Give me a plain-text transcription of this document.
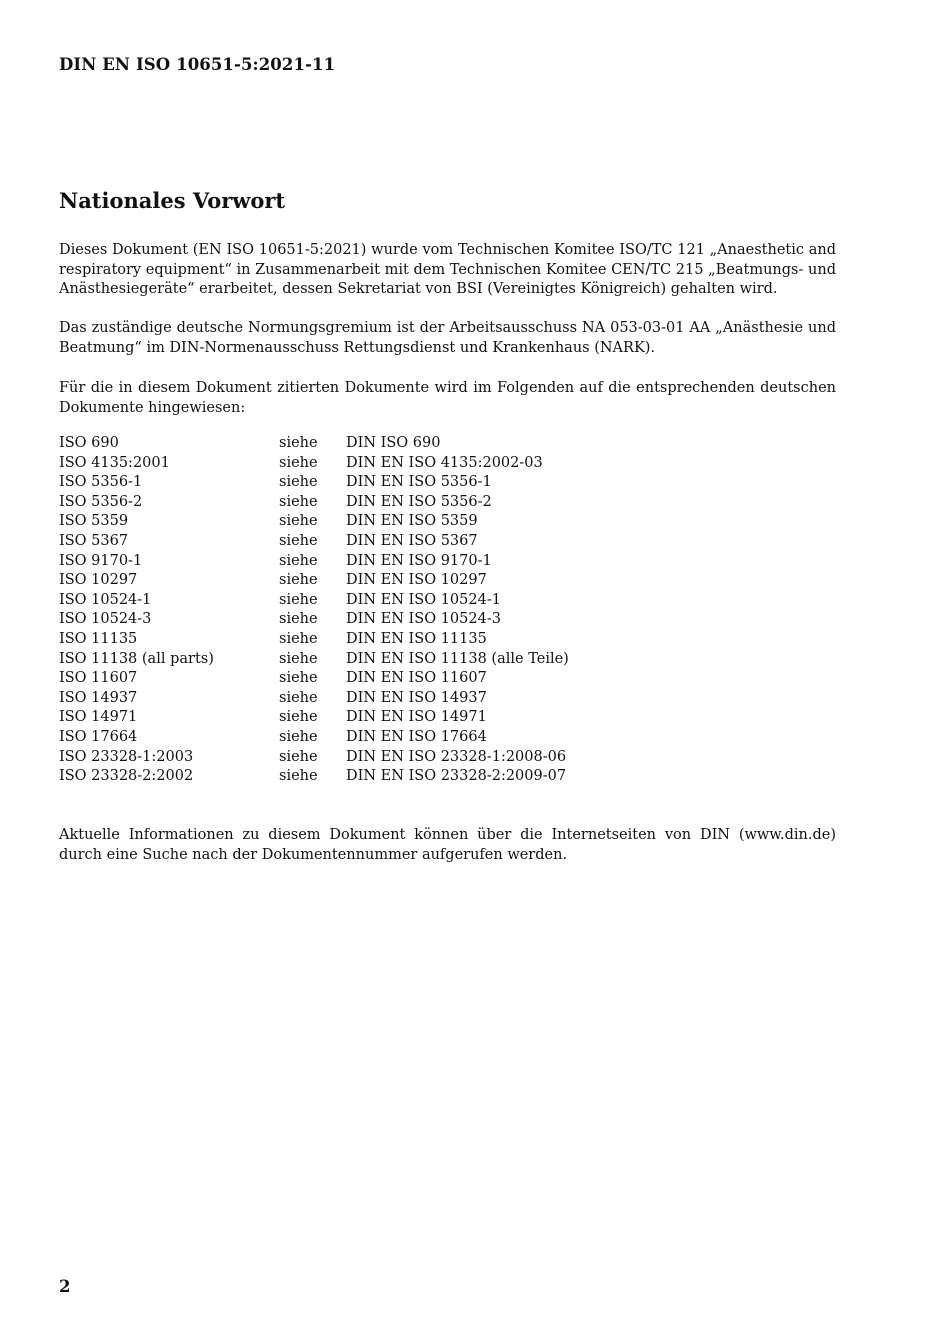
DIN EN ISO 10651-5:2021-11
Nationales Vorwort

Dieses Dokument (EN ISO 10651-5:2021) wurde vom Technischen Komitee ISO/TC 121 „Anaesthetic and respiratory equipment“ in Zusammenarbeit mit dem Technischen Komitee CEN/TC 215 „Beatmungs- und Anästhesiegeräte“ erarbeitet, dessen Sekretariat von BSI (Vereinigtes Königreich) gehalten wird.

Das zuständige deutsche Normungsgremium ist der Arbeitsausschuss NA 053-03-01 AA „Anästhesie und Beatmung“ im DIN-Normenausschuss Rettungsdienst und Krankenhaus (NARK).

Für die in diesem Dokument zitierten Dokumente wird im Folgenden auf die entsprechenden deutschen Dokumente hingewiesen:

ISO 690	siehe	DIN ISO 690
ISO 4135:2001	siehe	DIN EN ISO 4135:2002-03
ISO 5356-1	siehe	DIN EN ISO 5356-1
ISO 5356-2	siehe	DIN EN ISO 5356-2
ISO 5359	siehe	DIN EN ISO 5359
ISO 5367	siehe	DIN EN ISO 5367
ISO 9170-1	siehe	DIN EN ISO 9170-1
ISO 10297	siehe	DIN EN ISO 10297
ISO 10524-1	siehe	DIN EN ISO 10524-1
ISO 10524-3	siehe	DIN EN ISO 10524-3
ISO 11135	siehe	DIN EN ISO 11135
ISO 11138 (all parts)	siehe	DIN EN ISO 11138 (alle Teile)
ISO 11607	siehe	DIN EN ISO 11607
ISO 14937	siehe	DIN EN ISO 14937
ISO 14971	siehe	DIN EN ISO 14971
ISO 17664	siehe	DIN EN ISO 17664
ISO 23328-1:2003	siehe	DIN EN ISO 23328-1:2008-06
ISO 23328-2:2002	siehe	DIN EN ISO 23328-2:2009-07

Aktuelle Informationen zu diesem Dokument können über die Internetseiten von DIN (www.din.de) durch eine Suche nach der Dokumentennummer aufgerufen werden.

2
